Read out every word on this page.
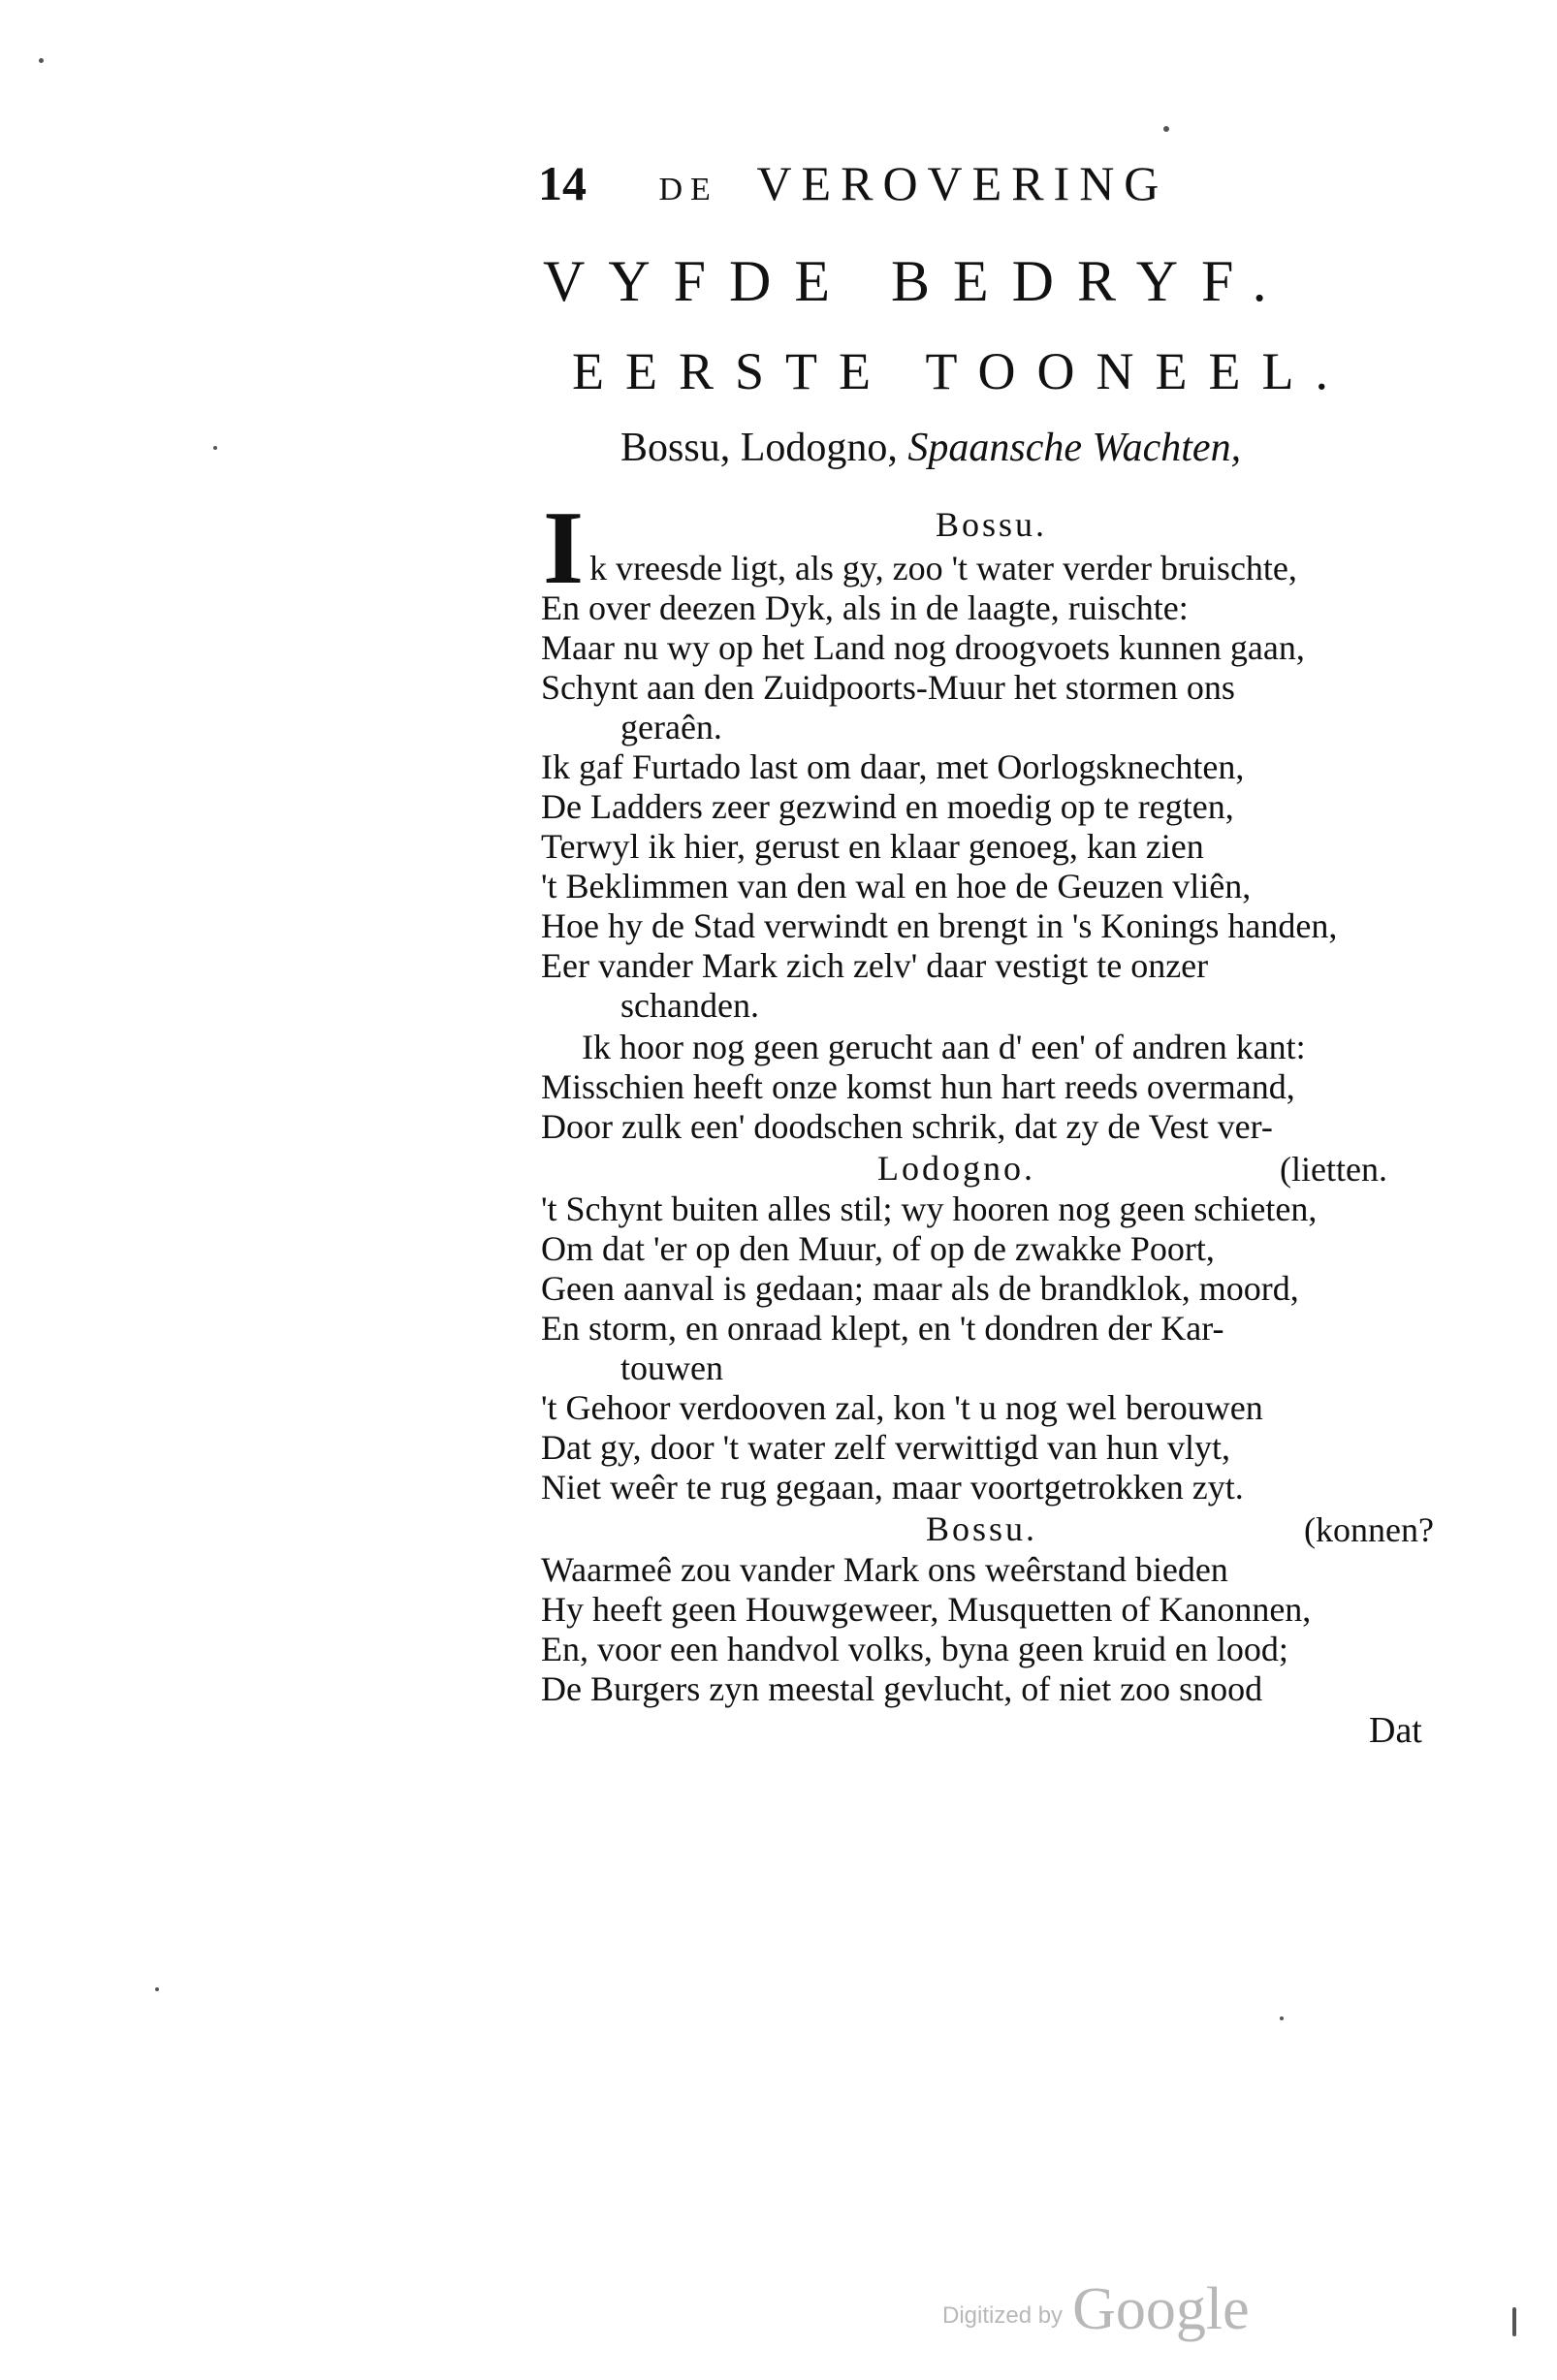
14 DE VEROVERING
VYFDE BEDRYF.
EERSTE TOONEEL.
Bossu, Lodogno, Spaansche Wachten,
Bossu.
I k vreesde ligt, als gy, zoo 't water verder bruischte,
En over deezen Dyk, als in de laagte, ruischte:
Maar nu wy op het Land nog droogvoets kunnen gaan,
Schynt aan den Zuidpoorts-Muur het stormen ons
geraên.
Ik gaf Furtado last om daar, met Oorlogsknechten,
De Ladders zeer gezwind en moedig op te regten,
Terwyl ik hier, gerust en klaar genoeg, kan zien
't Beklimmen van den wal en hoe de Geuzen vliên,
Hoe hy de Stad verwindt en brengt in 's Konings handen,
Eer vander Mark zich zelv' daar vestigt te onzer
schanden.
Ik hoor nog geen gerucht aan d' een' of andren kant:
Misschien heeft onze komst hun hart reeds overmand,
Door zulk een' doodschen schrik, dat zy de Vest ver-
Lodogno.	(lietten.
't Schynt buiten alles stil; wy hooren nog geen schieten,
Om dat 'er op den Muur, of op de zwakke Poort,
Geen aanval is gedaan; maar als de brandklok, moord,
En storm, en onraad klept, en 't dondren der Kar-
touwen
't Gehoor verdooven zal, kon 't u nog wel berouwen
Dat gy, door 't water zelf verwittigd van hun vlyt,
Niet weêr te rug gegaan, maar voortgetrokken zyt.
Bossu.	(konnen?
Waarmeê zou vander Mark ons weêrstand bieden
Hy heeft geen Houwgeweer, Musquetten of Kanonnen,
En, voor een handvol volks, byna geen kruid en lood;
De Burgers zyn meestal gevlucht, of niet zoo snood
Dat
Digitized by Google
